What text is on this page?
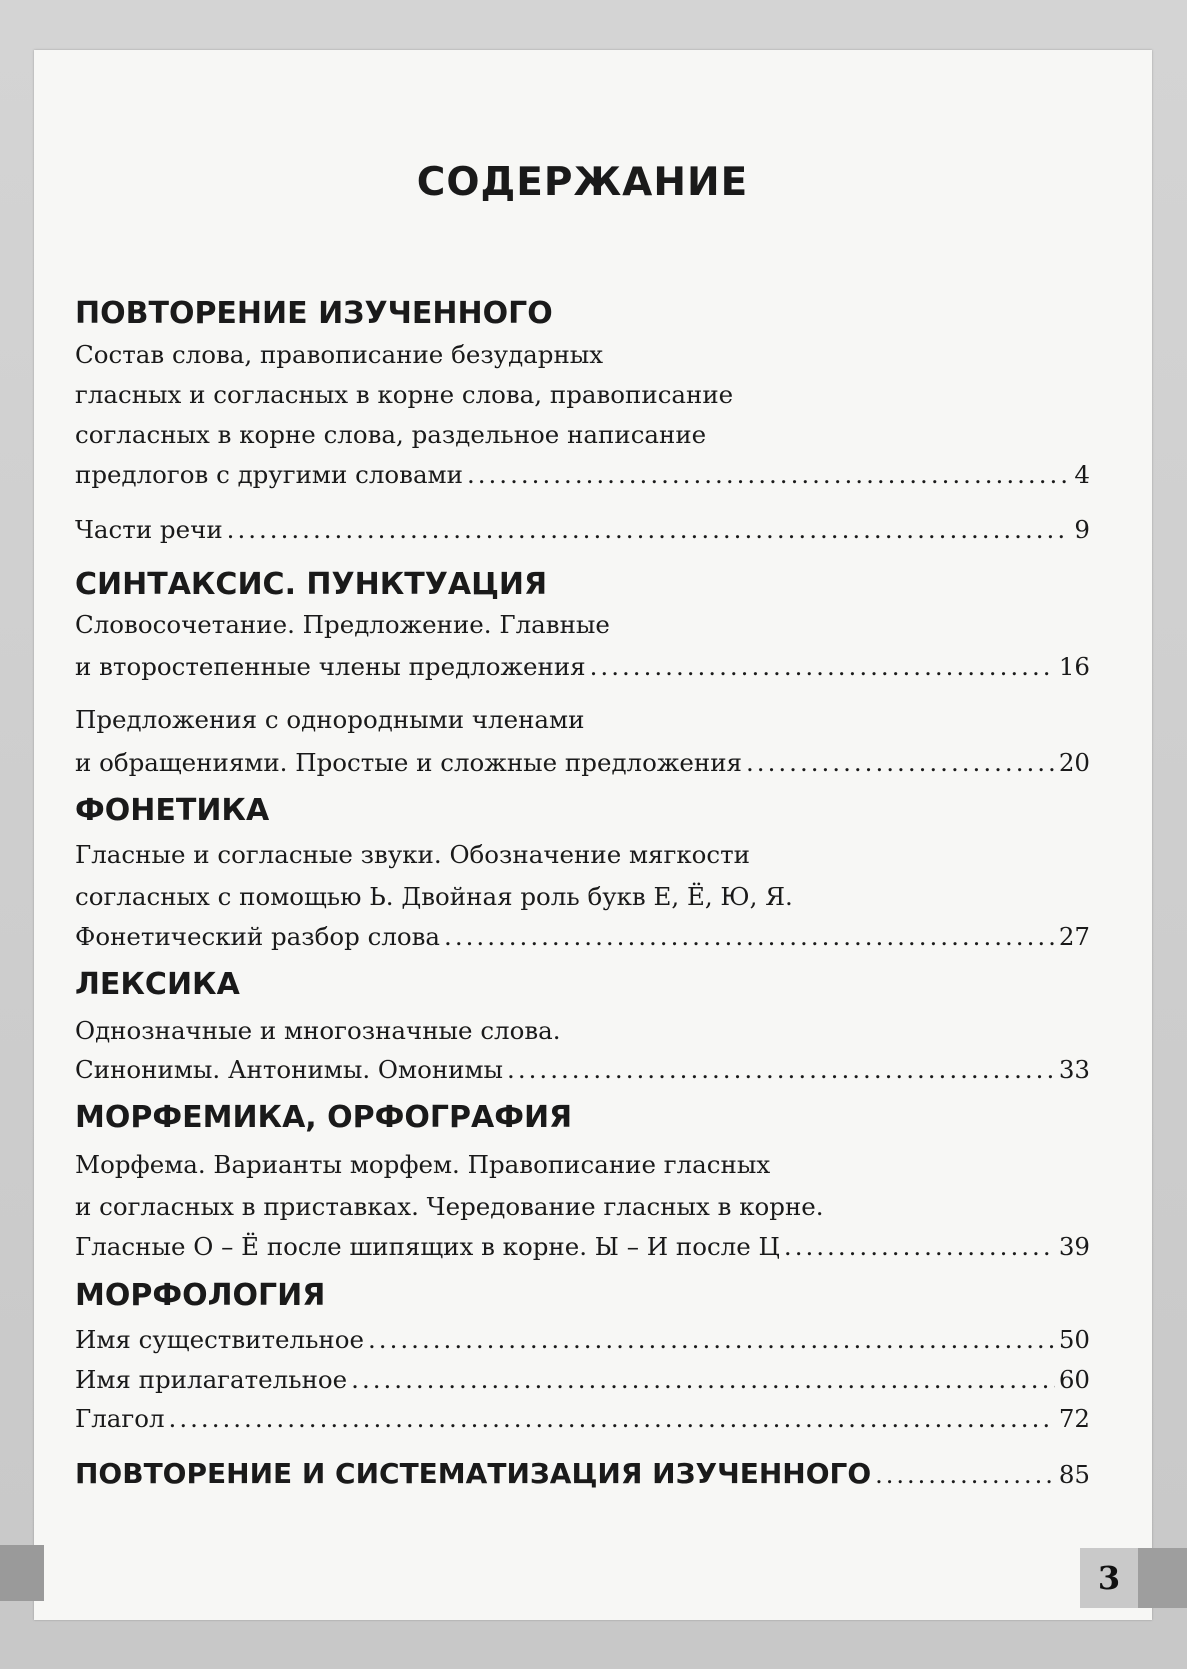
3
СОДЕРЖАНИЕ
ПОВТОРЕНИЕ ИЗУЧЕННОГО
Состав слова, правописание безударных
гласных и согласных в корне слова, правописание
согласных в корне слова, раздельное написание
предлогов с другими словами .....	4
Части речи .....	9
СИНТАКСИС. ПУНКТУАЦИЯ
Словосочетание. Предложение. Главные
и второстепенные члены предложения .....	16
Предложения с однородными членами
и обращениями. Простые и сложные предложения .....	20
ФОНЕТИКА
Гласные и согласные звуки. Обозначение мягкости
согласных с помощью Ь. Двойная роль букв Е, Ё, Ю, Я.
Фонетический разбор слова .....	27
ЛЕКСИКА
Однозначные и многозначные слова.
Синонимы. Антонимы. Омонимы .....	33
МОРФЕМИКА, ОРФОГРАФИЯ
Морфема. Варианты морфем. Правописание гласных
и согласных в приставках. Чередование гласных в корне.
Гласные О – Ё после шипящих в корне. Ы – И после Ц .....	39
МОРФОЛОГИЯ
Имя существительное .....	50
Имя прилагательное .....	60
Глагол .....	72
ПОВТОРЕНИЕ И СИСТЕМАТИЗАЦИЯ ИЗУЧЕННОГО .....	85
